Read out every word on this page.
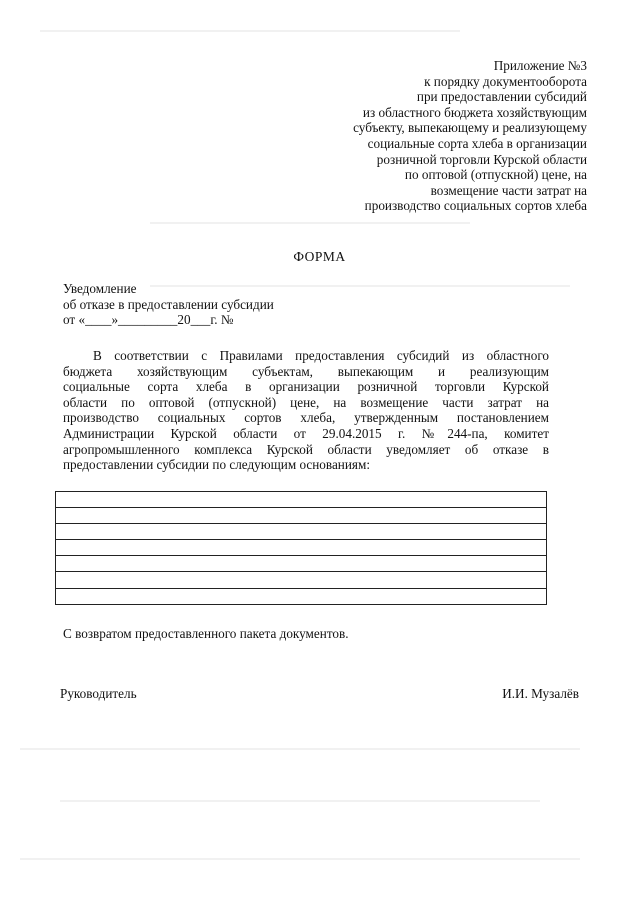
Приложение №3
к порядку документооборота
при предоставлении субсидий
из областного бюджета хозяйствующим
субъекту, выпекающему и реализующему
социальные сорта хлеба в организации
розничной торговли Курской области
по оптовой (отпускной) цене, на
возмещение части затрат на
производство социальных сортов хлеба
ФОРМА
Уведомление
об отказе в предоставлении субсидии
от «____»_________20___г. №
В соответствии с Правилами предоставления субсидий из областного
бюджета хозяйствующим субъектам, выпекающим и реализующим
социальные сорта хлеба в организации розничной торговли Курской
области по оптовой (отпускной) цене, на возмещение части затрат на
производство социальных сортов хлеба, утвержденным постановлением
Администрации Курской области от 29.04.2015 г. №244-па, комитет
агропромышленного комплекса Курской области уведомляет об отказе в
предоставлении субсидии по следующим основаниям:

С возвратом предоставленного пакета документов.
Руководитель	И.И. Музалёв
